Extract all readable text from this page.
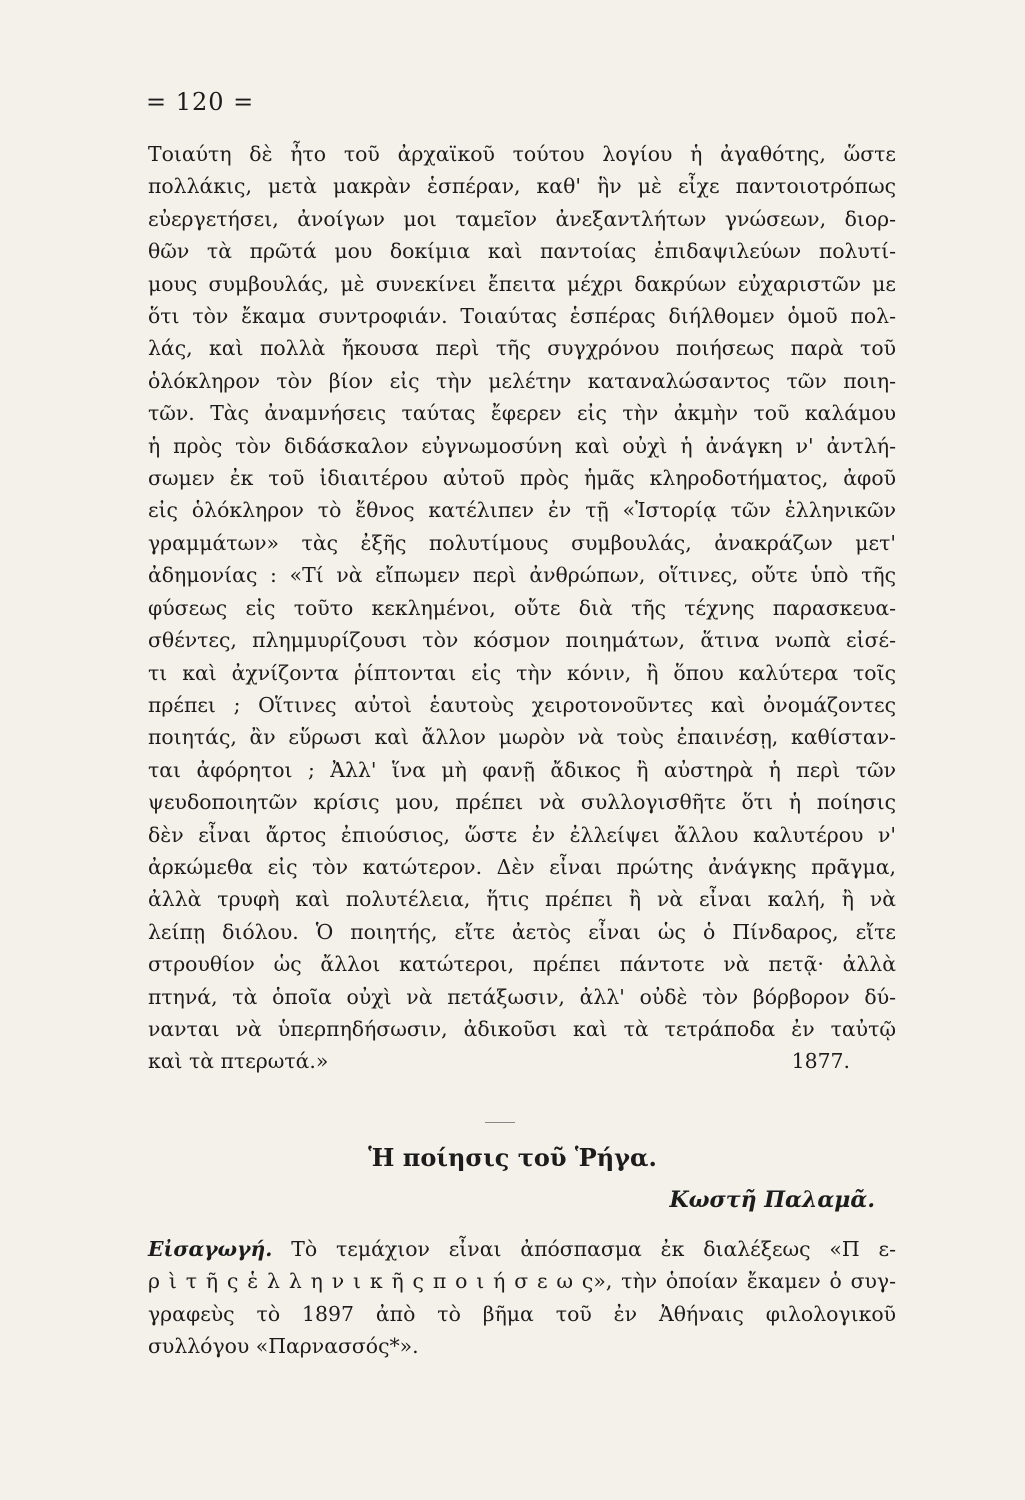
= 120 =
Τοιαύτη δὲ ἦτο τοῦ ἀρχαϊκοῦ τούτου λογίου ἡ ἀγαθότης, ὥστε
πολλάκις, μετὰ μακρὰν ἑσπέραν, καθ' ἣν μὲ εἶχε παντοιοτρόπως
εὐεργετήσει, ἀνοίγων μοι ταμεῖον ἀνεξαντλήτων γνώσεων, διορ-
θῶν τὰ πρῶτά μου δοκίμια καὶ παντοίας ἐπιδαψιλεύων πολυτί-
μους συμβουλάς, μὲ συνεκίνει ἔπειτα μέχρι δακρύων εὐχαριστῶν με
ὅτι τὸν ἔκαμα συντροφιάν. Τοιαύτας ἑσπέρας διήλθομεν ὁμοῦ πολ-
λάς, καὶ πολλὰ ἤκουσα περὶ τῆς συγχρόνου ποιήσεως παρὰ τοῦ
ὁλόκληρον τὸν βίον εἰς τὴν μελέτην καταναλώσαντος τῶν ποιη-
τῶν. Τὰς ἀναμνήσεις ταύτας ἔφερεν εἰς τὴν ἀκμὴν τοῦ καλάμου
ἡ πρὸς τὸν διδάσκαλον εὐγνωμοσύνη καὶ οὐχὶ ἡ ἀνάγκη ν' ἀντλή-
σωμεν ἐκ τοῦ ἰδιαιτέρου αὐτοῦ πρὸς ἡμᾶς κληροδοτήματος, ἀφοῦ
εἰς ὁλόκληρον τὸ ἔθνος κατέλιπεν ἐν τῇ «Ἱστορίᾳ τῶν ἑλληνικῶν
γραμμάτων» τὰς ἐξῆς πολυτίμους συμβουλάς, ἀνακράζων μετ'
ἀδημονίας : «Τί νὰ εἴπωμεν περὶ ἀνθρώπων, οἵτινες, οὔτε ὑπὸ τῆς
φύσεως εἰς τοῦτο κεκλημένοι, οὔτε διὰ τῆς τέχνης παρασκευα-
σθέντες, πλημμυρίζουσι τὸν κόσμον ποιημάτων, ἅτινα νωπὰ εἰσέ-
τι καὶ ἀχνίζοντα ῥίπτονται εἰς τὴν κόνιν, ἢ ὅπου καλύτερα τοῖς
πρέπει ; Οἵτινες αὐτοὶ ἑαυτοὺς χειροτονοῦντες καὶ ὀνομάζοντες
ποιητάς, ἂν εὕρωσι καὶ ἄλλον μωρὸν νὰ τοὺς ἐπαινέσῃ, καθίσταν-
ται ἀφόρητοι ; Ἀλλ' ἵνα μὴ φανῇ ἄδικος ἢ αὐστηρὰ ἡ περὶ τῶν
ψευδοποιητῶν κρίσις μου, πρέπει νὰ συλλογισθῆτε ὅτι ἡ ποίησις
δὲν εἶναι ἄρτος ἐπιούσιος, ὥστε ἐν ἐλλείψει ἄλλου καλυτέρου ν'
ἀρκώμεθα εἰς τὸν κατώτερον. Δὲν εἶναι πρώτης ἀνάγκης πρᾶγμα,
ἀλλὰ τρυφὴ καὶ πολυτέλεια, ἥτις πρέπει ἢ νὰ εἶναι καλή, ἢ νὰ
λείπῃ διόλου. Ὁ ποιητής, εἴτε ἀετὸς εἶναι ὡς ὁ Πίνδαρος, εἴτε
στρουθίον ὡς ἄλλοι κατώτεροι, πρέπει πάντοτε νὰ πετᾷ· ἀλλὰ
πτηνά, τὰ ὁποῖα οὐχὶ νὰ πετάξωσιν, ἀλλ' οὐδὲ τὸν βόρβορον δύ-
νανται νὰ ὑπερπηδήσωσιν, ἀδικοῦσι καὶ τὰ τετράποδα ἐν ταὐτῷ
καὶ τὰ πτερωτά.»	1877.
Ἡ ποίησις τοῦ Ῥήγα.
Κωστῆ Παλαμᾶ.
Εἰσαγωγή. Τὸ τεμάχιον εἶναι ἀπόσπασμα ἐκ διαλέξεως «Π ε-
ρ ὶ τ ῆ ς ἑ λ λ η ν ι κ ῆ ς π ο ι ή σ ε ω ς», τὴν ὁποίαν ἔκαμεν ὁ συγ-
γραφεὺς τὸ 1897 ἀπὸ τὸ βῆμα τοῦ ἐν Ἀθήναις φιλολογικοῦ
συλλόγου «Παρνασσός*».
